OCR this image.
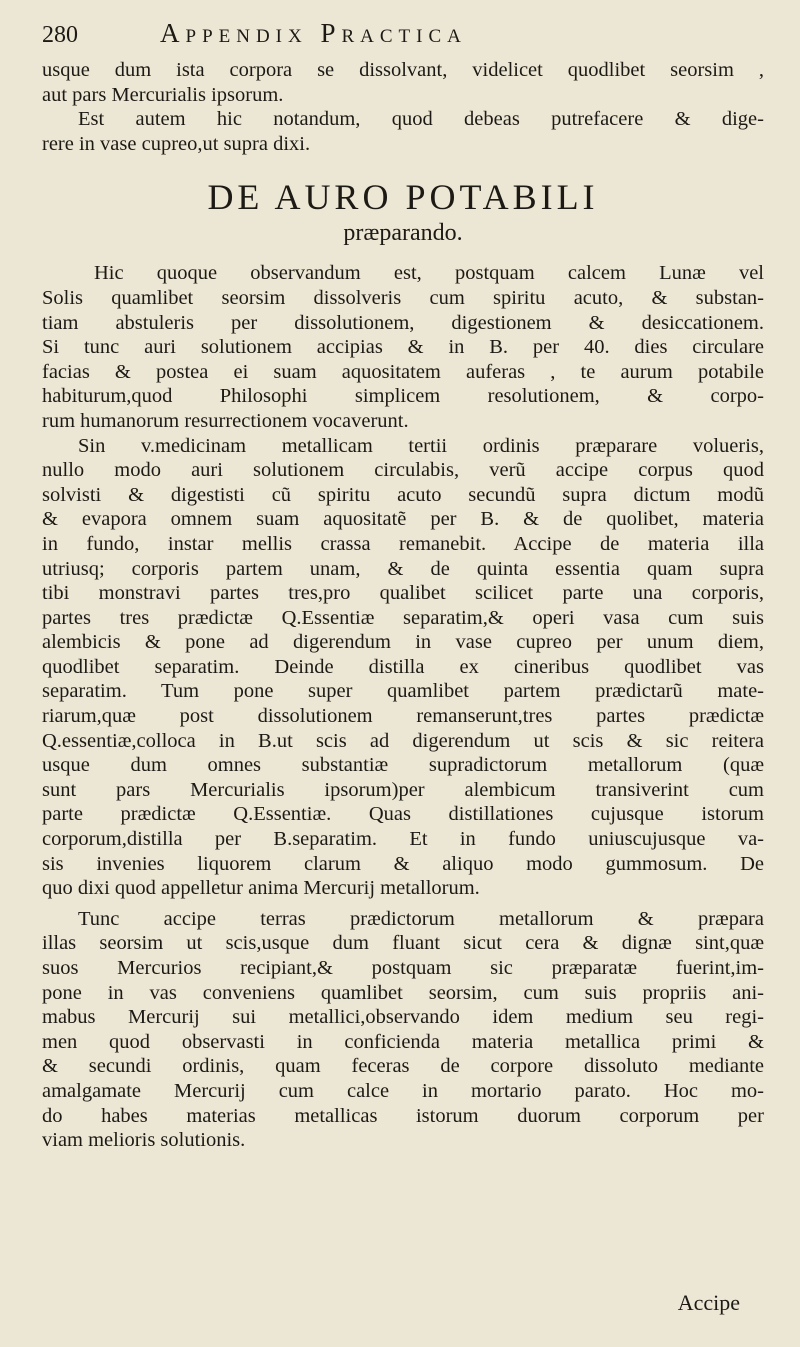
280	Appendix Practica

usque dum ista corpora se dissolvant, videlicet quodlibet seorsim ,

aut pars Mercurialis ipsorum.

Est autem hic notandum, quod debeas putrefacere & dige-

rere in vase cupreo,ut supra dixi.

DE AURO POTABILI
præparando.

Hic quoque observandum est, postquam calcem Lunæ vel

Solis quamlibet seorsim dissolveris cum spiritu acuto, & substan-

tiam abstuleris per dissolutionem, digestionem & desiccationem.

Si tunc auri solutionem accipias & in B. per 40. dies circulare

facias & postea ei suam aquositatem auferas , te aurum potabile

habiturum,quod Philosophi simplicem resolutionem, & corpo-

rum humanorum resurrectionem vocaverunt.

Sin v.medicinam metallicam tertii ordinis præparare volueris,

nullo modo auri solutionem circulabis, verũ accipe corpus quod

solvisti & digestisti cũ spiritu acuto secundũ supra dictum modũ

& evapora omnem suam aquositatẽ per B. & de quolibet, materia

in fundo, instar mellis crassa remanebit. Accipe de materia illa

utriusq; corporis partem unam, & de quinta essentia quam supra

tibi monstravi partes tres,pro qualibet scilicet parte una corporis,

partes tres prædictæ Q.Essentiæ separatim,& operi vasa cum suis

alembicis & pone ad digerendum in vase cupreo per unum diem,

quodlibet separatim. Deinde distilla ex cineribus quodlibet vas

separatim. Tum pone super quamlibet partem prædictarũ mate-

riarum,quæ post dissolutionem remanserunt,tres partes prædictæ

Q.essentiæ,colloca in B.ut scis ad digerendum ut scis & sic reitera

usque dum omnes substantiæ supradictorum metallorum (quæ

sunt pars Mercurialis ipsorum)per alembicum transiverint cum

parte prædictæ Q.Essentiæ. Quas distillationes cujusque istorum

corporum,distilla per B.separatim. Et in fundo uniuscujusque va-

sis invenies liquorem clarum & aliquo modo gummosum. De

quo dixi quod appelletur anima Mercurij metallorum.

Tunc accipe terras prædictorum metallorum & præpara

illas seorsim ut scis,usque dum fluant sicut cera & dignæ sint,quæ

suos Mercurios recipiant,& postquam sic præparatæ fuerint,im-

pone in vas conveniens quamlibet seorsim, cum suis propriis ani-

mabus Mercurij sui metallici,observando idem medium seu regi-

men quod observasti in conficienda materia metallica primi &

& secundi ordinis, quam feceras de corpore dissoluto mediante

amalgamate Mercurij cum calce in mortario parato. Hoc mo-

do habes materias metallicas istorum duorum corporum per

viam melioris solutionis.

Accipe
